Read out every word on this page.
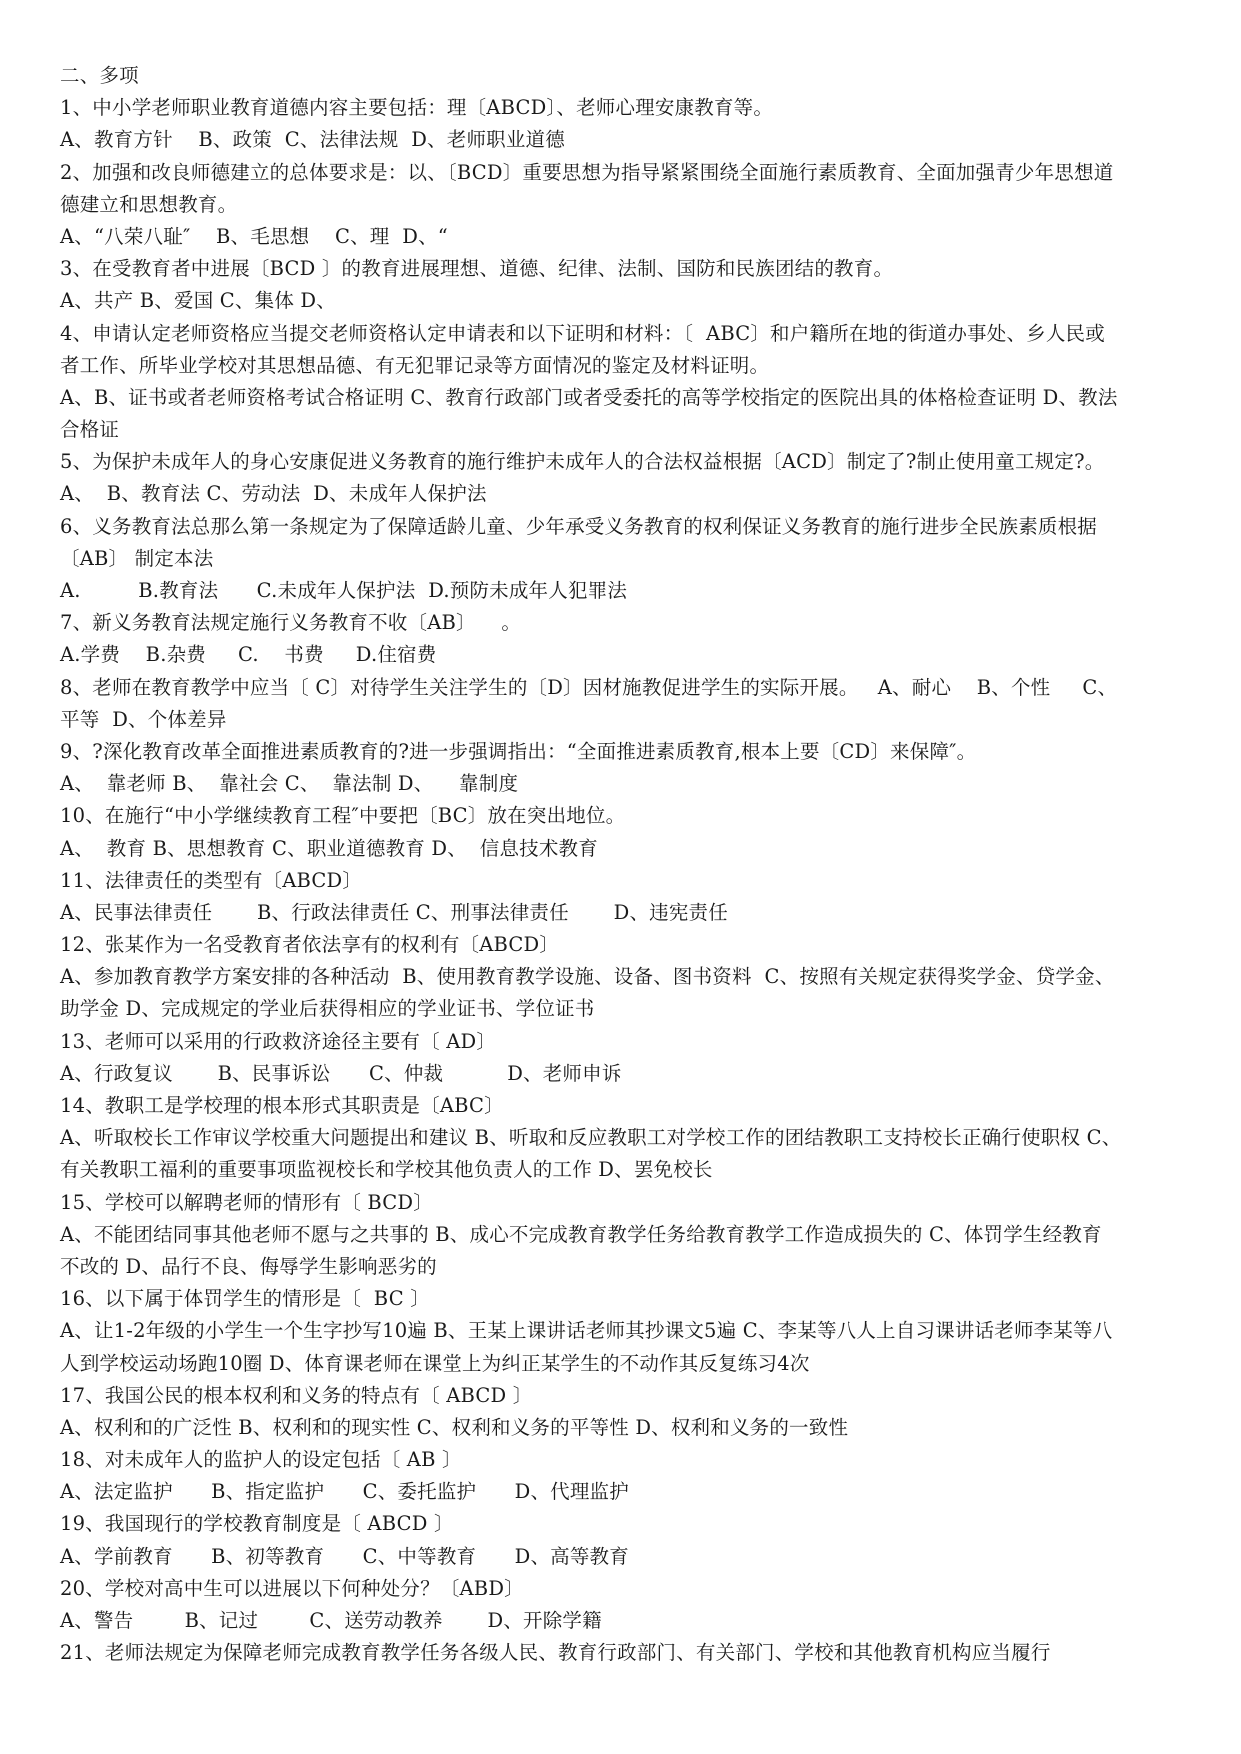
二、多项
1、中小学老师职业教育道德内容主要包括：理〔ABCD〕、老师心理安康教育等。
A、教育方针    B、政策  C、法律法规  D、老师职业道德
2、加强和改良师德建立的总体要求是：以、〔BCD〕重要思想为指导紧紧围绕全面施行素质教育、全面加强青少年思想道
德建立和思想教育。
A、“八荣八耻″    B、毛思想    C、理  D、“
3、在受教育者中进展〔BCD 〕的教育进展理想、道德、纪律、法制、国防和民族团结的教育。
A、共产 B、爱国 C、集体 D、
4、申请认定老师资格应当提交老师资格认定申请表和以下证明和材料：〔  ABC〕和户籍所在地的街道办事处、乡人民或
者工作、所毕业学校对其思想品德、有无犯罪记录等方面情况的鉴定及材料证明。
A、B、证书或者老师资格考试合格证明 C、教育行政部门或者受委托的高等学校指定的医院出具的体格检查证明 D、教法
合格证
5、为保护未成年人的身心安康促进义务教育的施行维护未成年人的合法权益根据〔ACD〕制定了?制止使用童工规定?。
A、  B、教育法 C、劳动法  D、未成年人保护法
6、义务教育法总那么第一条规定为了保障适龄儿童、少年承受义务教育的权利保证义务教育的施行进步全民族素质根据
〔AB〕 制定本法
A.         B.教育法      C.未成年人保护法  D.预防未成年人犯罪法
7、新义务教育法规定施行义务教育不收〔AB〕    。
A.学费    B.杂费     C.    书费     D.住宿费
8、老师在教育教学中应当〔 C〕对待学生关注学生的〔D〕因材施教促进学生的实际开展。   A、耐心    B、个性     C、
平等  D、个体差异
9、?深化教育改革全面推进素质教育的?进一步强调指出：“全面推进素质教育,根本上要〔CD〕来保障″。
A、  靠老师 B、  靠社会 C、  靠法制 D、    靠制度
10、在施行“中小学继续教育工程″中要把〔BC〕放在突出地位。
A、  教育 B、思想教育 C、职业道德教育 D、  信息技术教育
11、法律责任的类型有〔ABCD〕
A、民事法律责任       B、行政法律责任 C、刑事法律责任       D、违宪责任
12、张某作为一名受教育者依法享有的权利有〔ABCD〕
A、参加教育教学方案安排的各种活动  B、使用教育教学设施、设备、图书资料  C、按照有关规定获得奖学金、贷学金、
助学金 D、完成规定的学业后获得相应的学业证书、学位证书
13、老师可以采用的行政救济途径主要有〔 AD〕
A、行政复议       B、民事诉讼      C、仲裁          D、老师申诉
14、教职工是学校理的根本形式其职责是〔ABC〕
A、听取校长工作审议学校重大问题提出和建议 B、听取和反应教职工对学校工作的团结教职工支持校长正确行使职权 C、
有关教职工福利的重要事项监视校长和学校其他负责人的工作 D、罢免校长
15、学校可以解聘老师的情形有〔 BCD〕
A、不能团结同事其他老师不愿与之共事的 B、成心不完成教育教学任务给教育教学工作造成损失的 C、体罚学生经教育
不改的 D、品行不良、侮辱学生影响恶劣的
16、以下属于体罚学生的情形是〔  BC 〕
A、让1-2年级的小学生一个生字抄写10遍 B、王某上课讲话老师其抄课文5遍 C、李某等八人上自习课讲话老师李某等八
人到学校运动场跑10圈 D、体育课老师在课堂上为纠正某学生的不动作其反复练习4次
17、我国公民的根本权利和义务的特点有〔 ABCD 〕
A、权利和的广泛性 B、权利和的现实性 C、权利和义务的平等性 D、权利和义务的一致性
18、对未成年人的监护人的设定包括〔 AB 〕
A、法定监护      B、指定监护      C、委托监护      D、代理监护
19、我国现行的学校教育制度是〔 ABCD 〕
A、学前教育      B、初等教育      C、中等教育      D、高等教育
20、学校对高中生可以进展以下何种处分？〔ABD〕
A、警告        B、记过        C、送劳动教养       D、开除学籍
21、老师法规定为保障老师完成教育教学任务各级人民、教育行政部门、有关部门、学校和其他教育机构应当履行
